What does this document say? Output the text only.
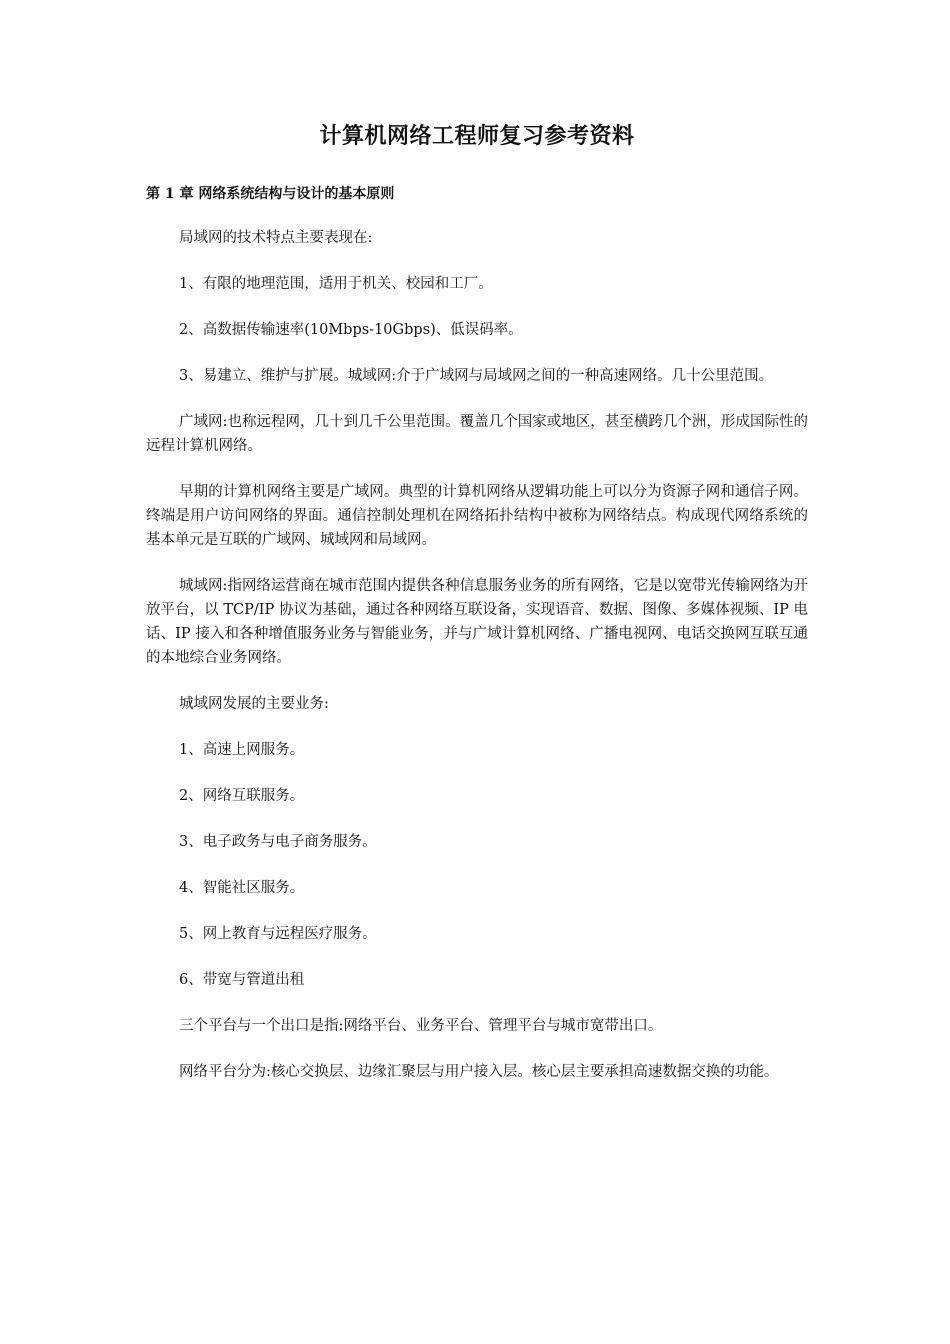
计算机网络工程师复习参考资料
第 1 章 网络系统结构与设计的基本原则

局域网的技术特点主要表现在:

1、有限的地理范围，适用于机关、校园和工厂。

2、高数据传输速率(10Mbps-10Gbps)、低误码率。

3、易建立、维护与扩展。城域网:介于广域网与局域网之间的一种高速网络。几十公里范围。

广域网:也称远程网，几十到几千公里范围。覆盖几个国家或地区，甚至横跨几个洲，形成国际性的远程计算机网络。

早期的计算机网络主要是广域网。典型的计算机网络从逻辑功能上可以分为资源子网和通信子网。终端是用户访问网络的界面。通信控制处理机在网络拓扑结构中被称为网络结点。构成现代网络系统的基本单元是互联的广域网、城域网和局域网。

城域网:指网络运营商在城市范围内提供各种信息服务业务的所有网络，它是以宽带光传输网络为开放平台，以 TCP/IP 协议为基础，通过各种网络互联设备，实现语音、数据、图像、多媒体视频、IP 电话、IP 接入和各种增值服务业务与智能业务，并与广域计算机网络、广播电视网、电话交换网互联互通的本地综合业务网络。

城域网发展的主要业务:

1、高速上网服务。

2、网络互联服务。

3、电子政务与电子商务服务。

4、智能社区服务。

5、网上教育与远程医疗服务。

6、带宽与管道出租

三个平台与一个出口是指:网络平台、业务平台、管理平台与城市宽带出口。

网络平台分为:核心交换层、边缘汇聚层与用户接入层。核心层主要承担高速数据交换的功能。
